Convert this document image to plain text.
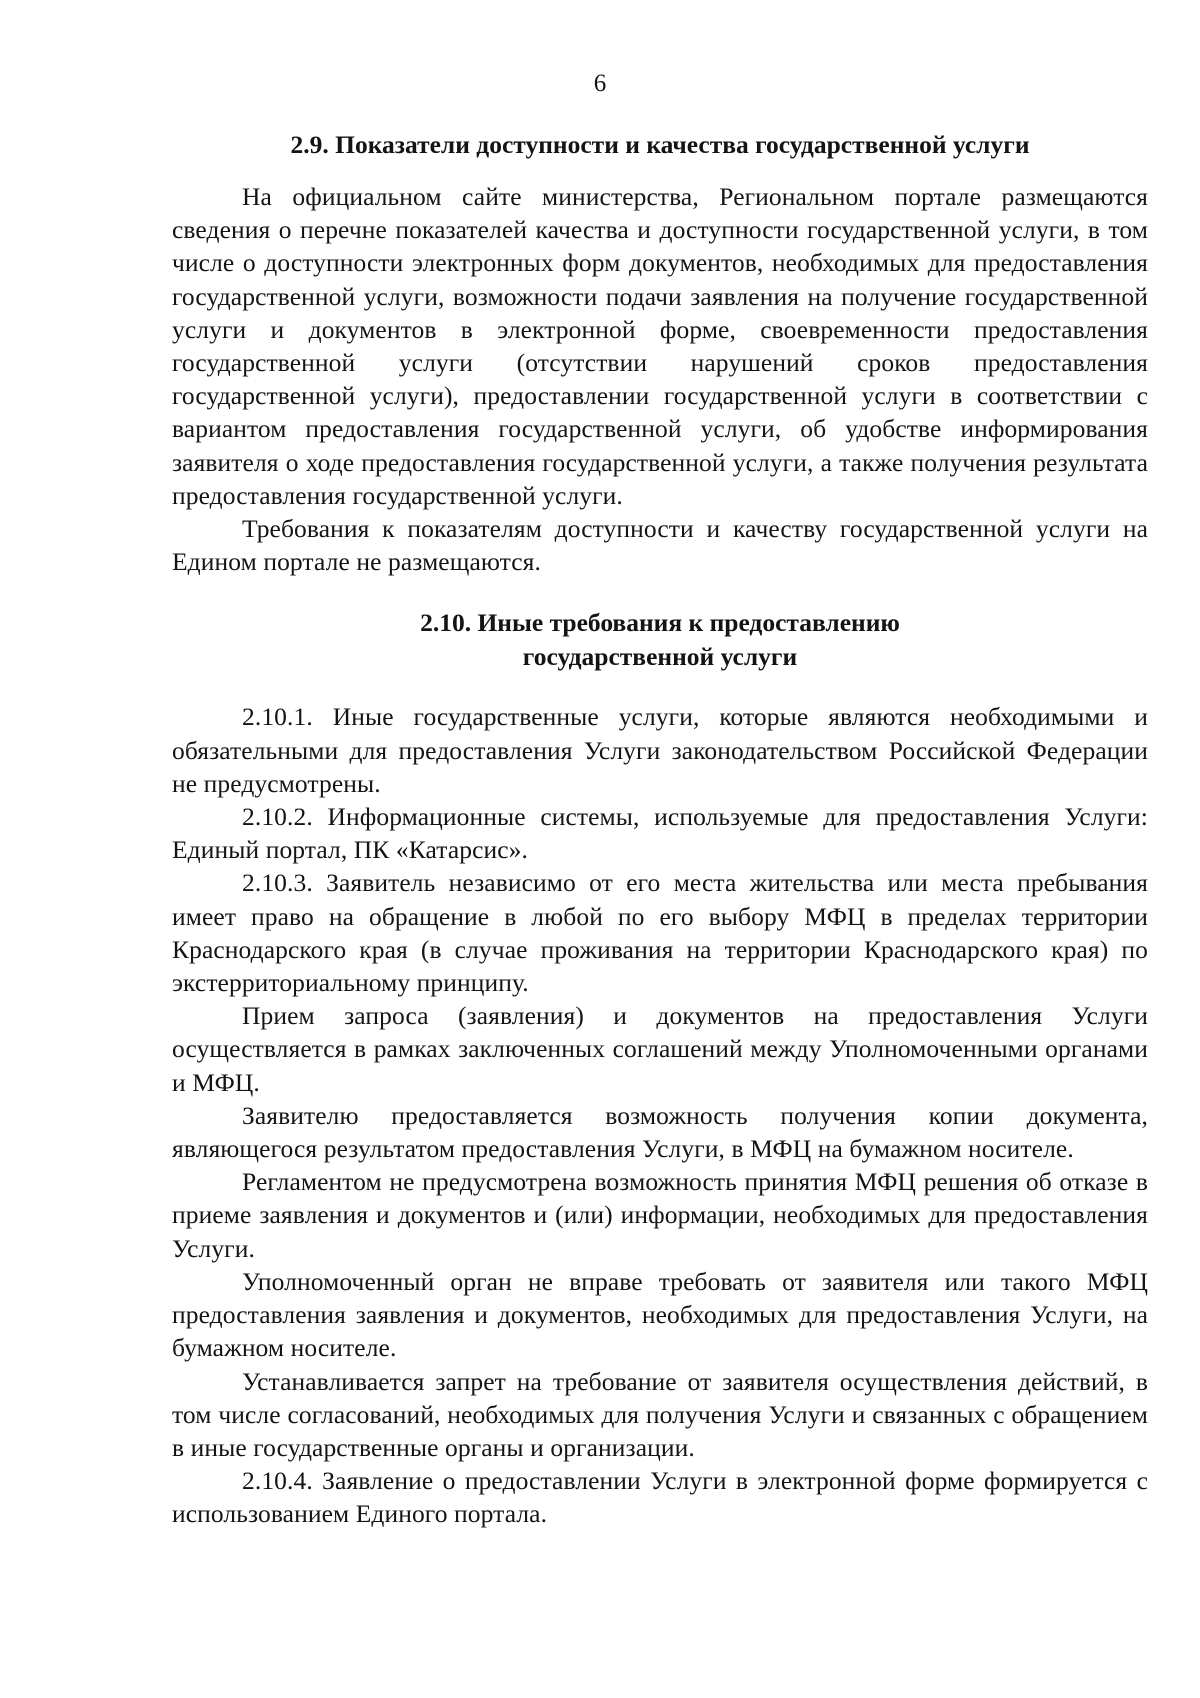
6
2.9. Показатели доступности и качества государственной услуги

На официальном сайте министерства, Региональном портале размещаются сведения о перечне показателей качества и доступности государственной услуги, в том числе о доступности электронных форм документов, необходимых для предоставления государственной услуги, возможности подачи заявления на получение государственной услуги и документов в электронной форме, своевременности предоставления государственной услуги (отсутствии нарушений сроков предоставления государственной услуги), предоставлении государственной услуги в соответствии с вариантом предоставления государственной услуги, об удобстве информирования заявителя о ходе предоставления государственной услуги, а также получения результата предоставления государственной услуги.

Требования к показателям доступности и качеству государственной услуги на Едином портале не размещаются.

2.10. Иные требования к предоставлению
государственной услуги

2.10.1. Иные государственные услуги, которые являются необходимыми и обязательными для предоставления Услуги законодательством Российской Федерации не предусмотрены.

2.10.2. Информационные системы, используемые для предоставления Услуги: Единый портал, ПК «Катарсис».

2.10.3. Заявитель независимо от его места жительства или места пребывания имеет право на обращение в любой по его выбору МФЦ в пределах территории Краснодарского края (в случае проживания на территории Краснодарского края) по экстерриториальному принципу.

Прием запроса (заявления) и документов на предоставления Услуги осуществляется в рамках заключенных соглашений между Уполномоченными органами и МФЦ.

Заявителю предоставляется возможность получения копии документа, являющегося результатом предоставления Услуги, в МФЦ на бумажном носителе.

Регламентом не предусмотрена возможность принятия МФЦ решения об отказе в приеме заявления и документов и (или) информации, необходимых для предоставления Услуги.

Уполномоченный орган не вправе требовать от заявителя или такого МФЦ предоставления заявления и документов, необходимых для предоставления Услуги, на бумажном носителе.

Устанавливается запрет на требование от заявителя осуществления действий, в том числе согласований, необходимых для получения Услуги и связанных с обращением в иные государственные органы и организации.

2.10.4. Заявление о предоставлении Услуги в электронной форме формируется с использованием Единого портала.
